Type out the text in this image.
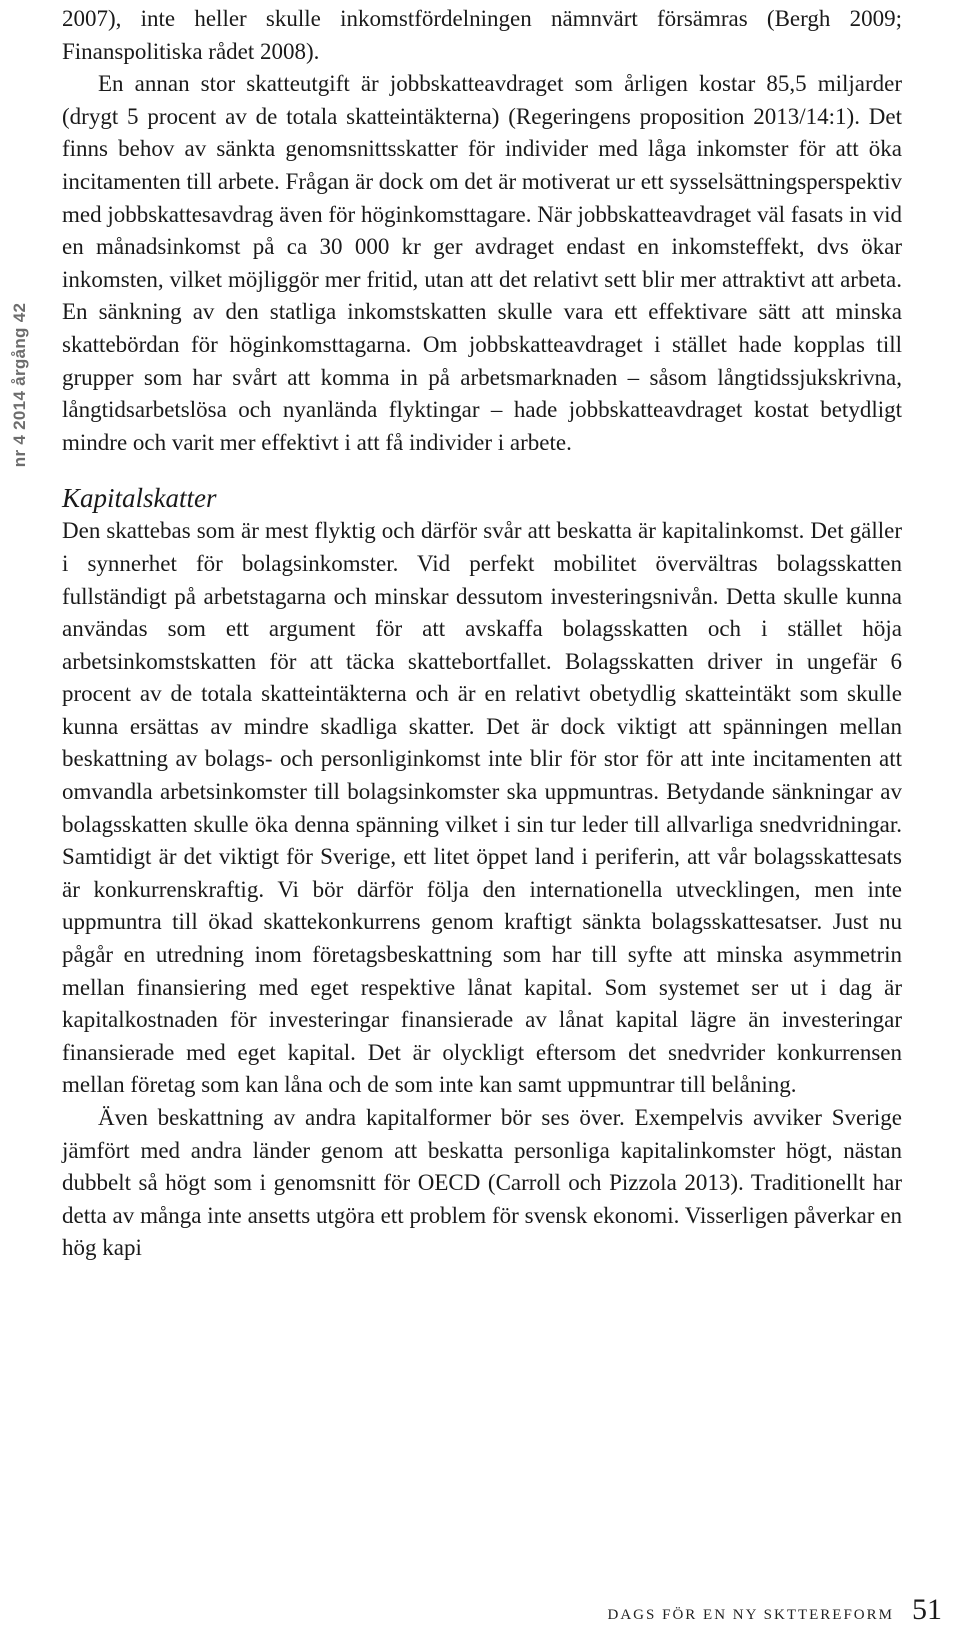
nr 4 2014 årgång 42

2007), inte heller skulle inkomstfördelningen nämnvärt försämras (Bergh 2009; Finanspolitiska rådet 2008).

En annan stor skatteutgift är jobbskatteavdraget som årligen kostar 85,5 miljarder (drygt 5 procent av de totala skatteintäkterna) (Regeringens proposition 2013/14:1). Det finns behov av sänkta genomsnittsskatter för individer med låga inkomster för att öka incitamenten till arbete. Frågan är dock om det är motiverat ur ett sysselsättningsperspektiv med jobbskattesavdrag även för höginkomsttagare. När jobbskatteavdraget väl fasats in vid en månadsinkomst på ca 30 000 kr ger avdraget endast en inkomsteffekt, dvs ökar inkomsten, vilket möjliggör mer fritid, utan att det relativt sett blir mer attraktivt att arbeta. En sänkning av den statliga inkomstskatten skulle vara ett effektivare sätt att minska skattebördan för höginkomsttagarna. Om jobbskatteavdraget i stället hade kopplas till grupper som har svårt att komma in på arbetsmarknaden – såsom långtidssjukskrivna, långtidsarbetslösa och nyanlända flyktingar – hade jobbskatteavdraget kostat betydligt mindre och varit mer effektivt i att få individer i arbete.

Kapitalskatter

Den skattebas som är mest flyktig och därför svår att beskatta är kapitalinkomst. Det gäller i synnerhet för bolagsinkomster. Vid perfekt mobilitet övervältras bolagsskatten fullständigt på arbetstagarna och minskar dessutom investeringsnivån. Detta skulle kunna användas som ett argument för att avskaffa bolagsskatten och i stället höja arbetsinkomstskatten för att täcka skattebortfallet. Bolagsskatten driver in ungefär 6 procent av de totala skatteintäkterna och är en relativt obetydlig skatteintäkt som skulle kunna ersättas av mindre skadliga skatter. Det är dock viktigt att spänningen mellan beskattning av bolags- och personliginkomst inte blir för stor för att inte incitamenten att omvandla arbetsinkomster till bolagsinkomster ska uppmuntras. Betydande sänkningar av bolagsskatten skulle öka denna spänning vilket i sin tur leder till allvarliga snedvridningar. Samtidigt är det viktigt för Sverige, ett litet öppet land i periferin, att vår bolagsskattesats är konkurrenskraftig. Vi bör därför följa den internationella utvecklingen, men inte uppmuntra till ökad skattekonkurrens genom kraftigt sänkta bolagsskattesatser. Just nu pågår en utredning inom företagsbeskattning som har till syfte att minska asymmetrin mellan finansiering med eget respektive lånat kapital. Som systemet ser ut i dag är kapitalkostnaden för investeringar finansierade av lånat kapital lägre än investeringar finansierade med eget kapital. Det är olyckligt eftersom det snedvrider konkurrensen mellan företag som kan låna och de som inte kan samt uppmuntrar till belåning.

Även beskattning av andra kapitalformer bör ses över. Exempelvis avviker Sverige jämfört med andra länder genom att beskatta personliga kapitalinkomster högt, nästan dubbelt så högt som i genomsnitt för OECD (Carroll och Pizzola 2013). Traditionellt har detta av många inte ansetts utgöra ett problem för svensk ekonomi. Visserligen påverkar en hög kapi

DAGS FÖR EN NY SKTTEREFOR​M 51
